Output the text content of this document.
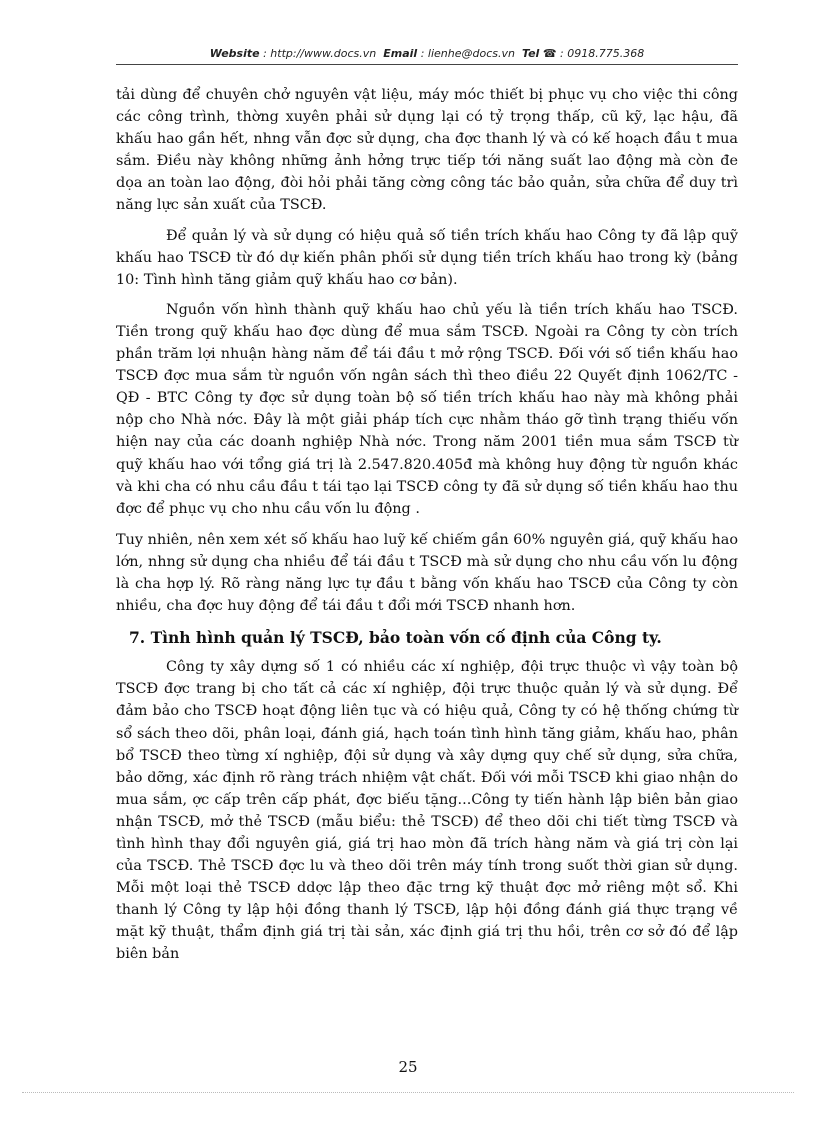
Website : http://www.docs.vn Email : lienhe@docs.vn Tel ☎ : 0918.775.368

tải dùng để chuyên chở nguyên vật liệu, máy móc thiết bị phục vụ cho việc thi công các công trình, thờng xuyên phải sử dụng lại có tỷ trọng thấp, cũ kỹ, lạc hậu, đã khấu hao gần hết, nhng vẫn đợc sử dụng, cha đợc thanh lý và có kế hoạch đầu t mua sắm. Điều này không những ảnh hởng trực tiếp tới năng suất lao động mà còn đe dọa an toàn lao động, đòi hỏi phải tăng cờng công tác bảo quản, sửa chữa để duy trì năng lực sản xuất của TSCĐ.

Để quản lý và sử dụng có hiệu quả số tiền trích khấu hao Công ty đã lập quỹ khấu hao TSCĐ từ đó dự kiến phân phối sử dụng tiền trích khấu hao trong kỳ (bảng 10: Tình hình tăng giảm quỹ khấu hao cơ bản).

Nguồn vốn hình thành quỹ khấu hao chủ yếu là tiền trích khấu hao TSCĐ. Tiền trong quỹ khấu hao đợc dùng để mua sắm TSCĐ. Ngoài ra Công ty còn trích phần trăm lợi nhuận hàng năm để tái đầu t mở rộng TSCĐ. Đối với số tiền khấu hao TSCĐ đợc mua sắm từ nguồn vốn ngân sách thì theo điều 22 Quyết định 1062/TC - QĐ - BTC Công ty đợc sử dụng toàn bộ số tiền trích khấu hao này mà không phải nộp cho Nhà nớc. Đây là một giải pháp tích cực nhằm tháo gỡ tình trạng thiếu vốn hiện nay của các doanh nghiệp Nhà nớc. Trong năm 2001 tiền mua sắm TSCĐ từ quỹ khấu hao với tổng giá trị là 2.547.820.405đ mà không huy động từ nguồn khác và khi cha có nhu cầu đầu t tái tạo lại TSCĐ công ty đã sử dụng số tiền khấu hao thu đợc để phục vụ cho nhu cầu vốn lu động .

Tuy nhiên, nên xem xét số khấu hao luỹ kế chiếm gần 60% nguyên giá, quỹ khấu hao lớn, nhng sử dụng cha nhiều để tái đầu t TSCĐ mà sử dụng cho nhu cầu vốn lu động là cha hợp lý. Rõ ràng năng lực tự đầu t bằng vốn khấu hao TSCĐ của Công ty còn nhiều, cha đợc huy động để tái đầu t đổi mới TSCĐ nhanh hơn.

7. Tình hình quản lý TSCĐ, bảo toàn vốn cố định của Công ty.

Công ty xây dựng số 1 có nhiều các xí nghiệp, đội trực thuộc vì vậy toàn bộ TSCĐ đợc trang bị cho tất cả các xí nghiệp, đội trực thuộc quản lý và sử dụng. Để đảm bảo cho TSCĐ hoạt động liên tục và có hiệu quả, Công ty có hệ thống chứng từ sổ sách theo dõi, phân loại, đánh giá, hạch toán tình hình tăng giảm, khấu hao, phân bổ TSCĐ theo từng xí nghiệp, đội sử dụng và xây dựng quy chế sử dụng, sửa chữa, bảo dỡng, xác định rõ ràng trách nhiệm vật chất. Đối với mỗi TSCĐ khi giao nhận do mua sắm, ợc cấp trên cấp phát, đợc biếu tặng...Công ty tiến hành lập biên bản giao nhận TSCĐ, mở thẻ TSCĐ (mẫu biểu: thẻ TSCĐ) để theo dõi chi tiết từng TSCĐ và tình hình thay đổi nguyên giá, giá trị hao mòn đã trích hàng năm và giá trị còn lại của TSCĐ. Thẻ TSCĐ đợc lu và theo dõi trên máy tính trong suốt thời gian sử dụng. Mỗi một loại thẻ TSCĐ ddợc lập theo đặc trng kỹ thuật đợc mở riêng một sổ. Khi thanh lý Công ty lập hội đồng thanh lý TSCĐ, lập hội đồng đánh giá thực trạng về mặt kỹ thuật, thẩm định giá trị tài sản, xác định giá trị thu hồi, trên cơ sở đó để lập biên bản

25
